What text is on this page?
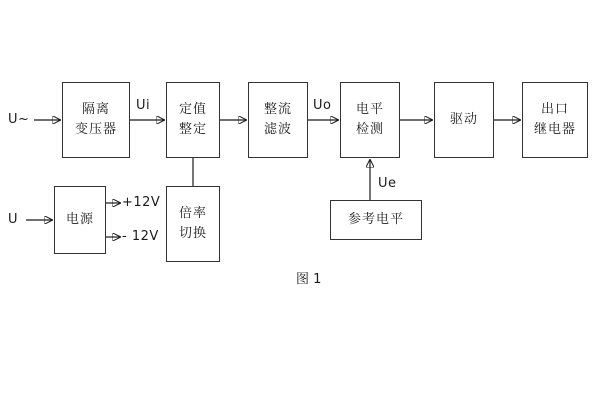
隔离
变压器
定值
整定
整流
滤波
电平
检测
驱动
出口
继电器
电源	倍率
切换
参考电平
U~
Ui	Uo
U
+12V
- 12V
Ue
图 1
